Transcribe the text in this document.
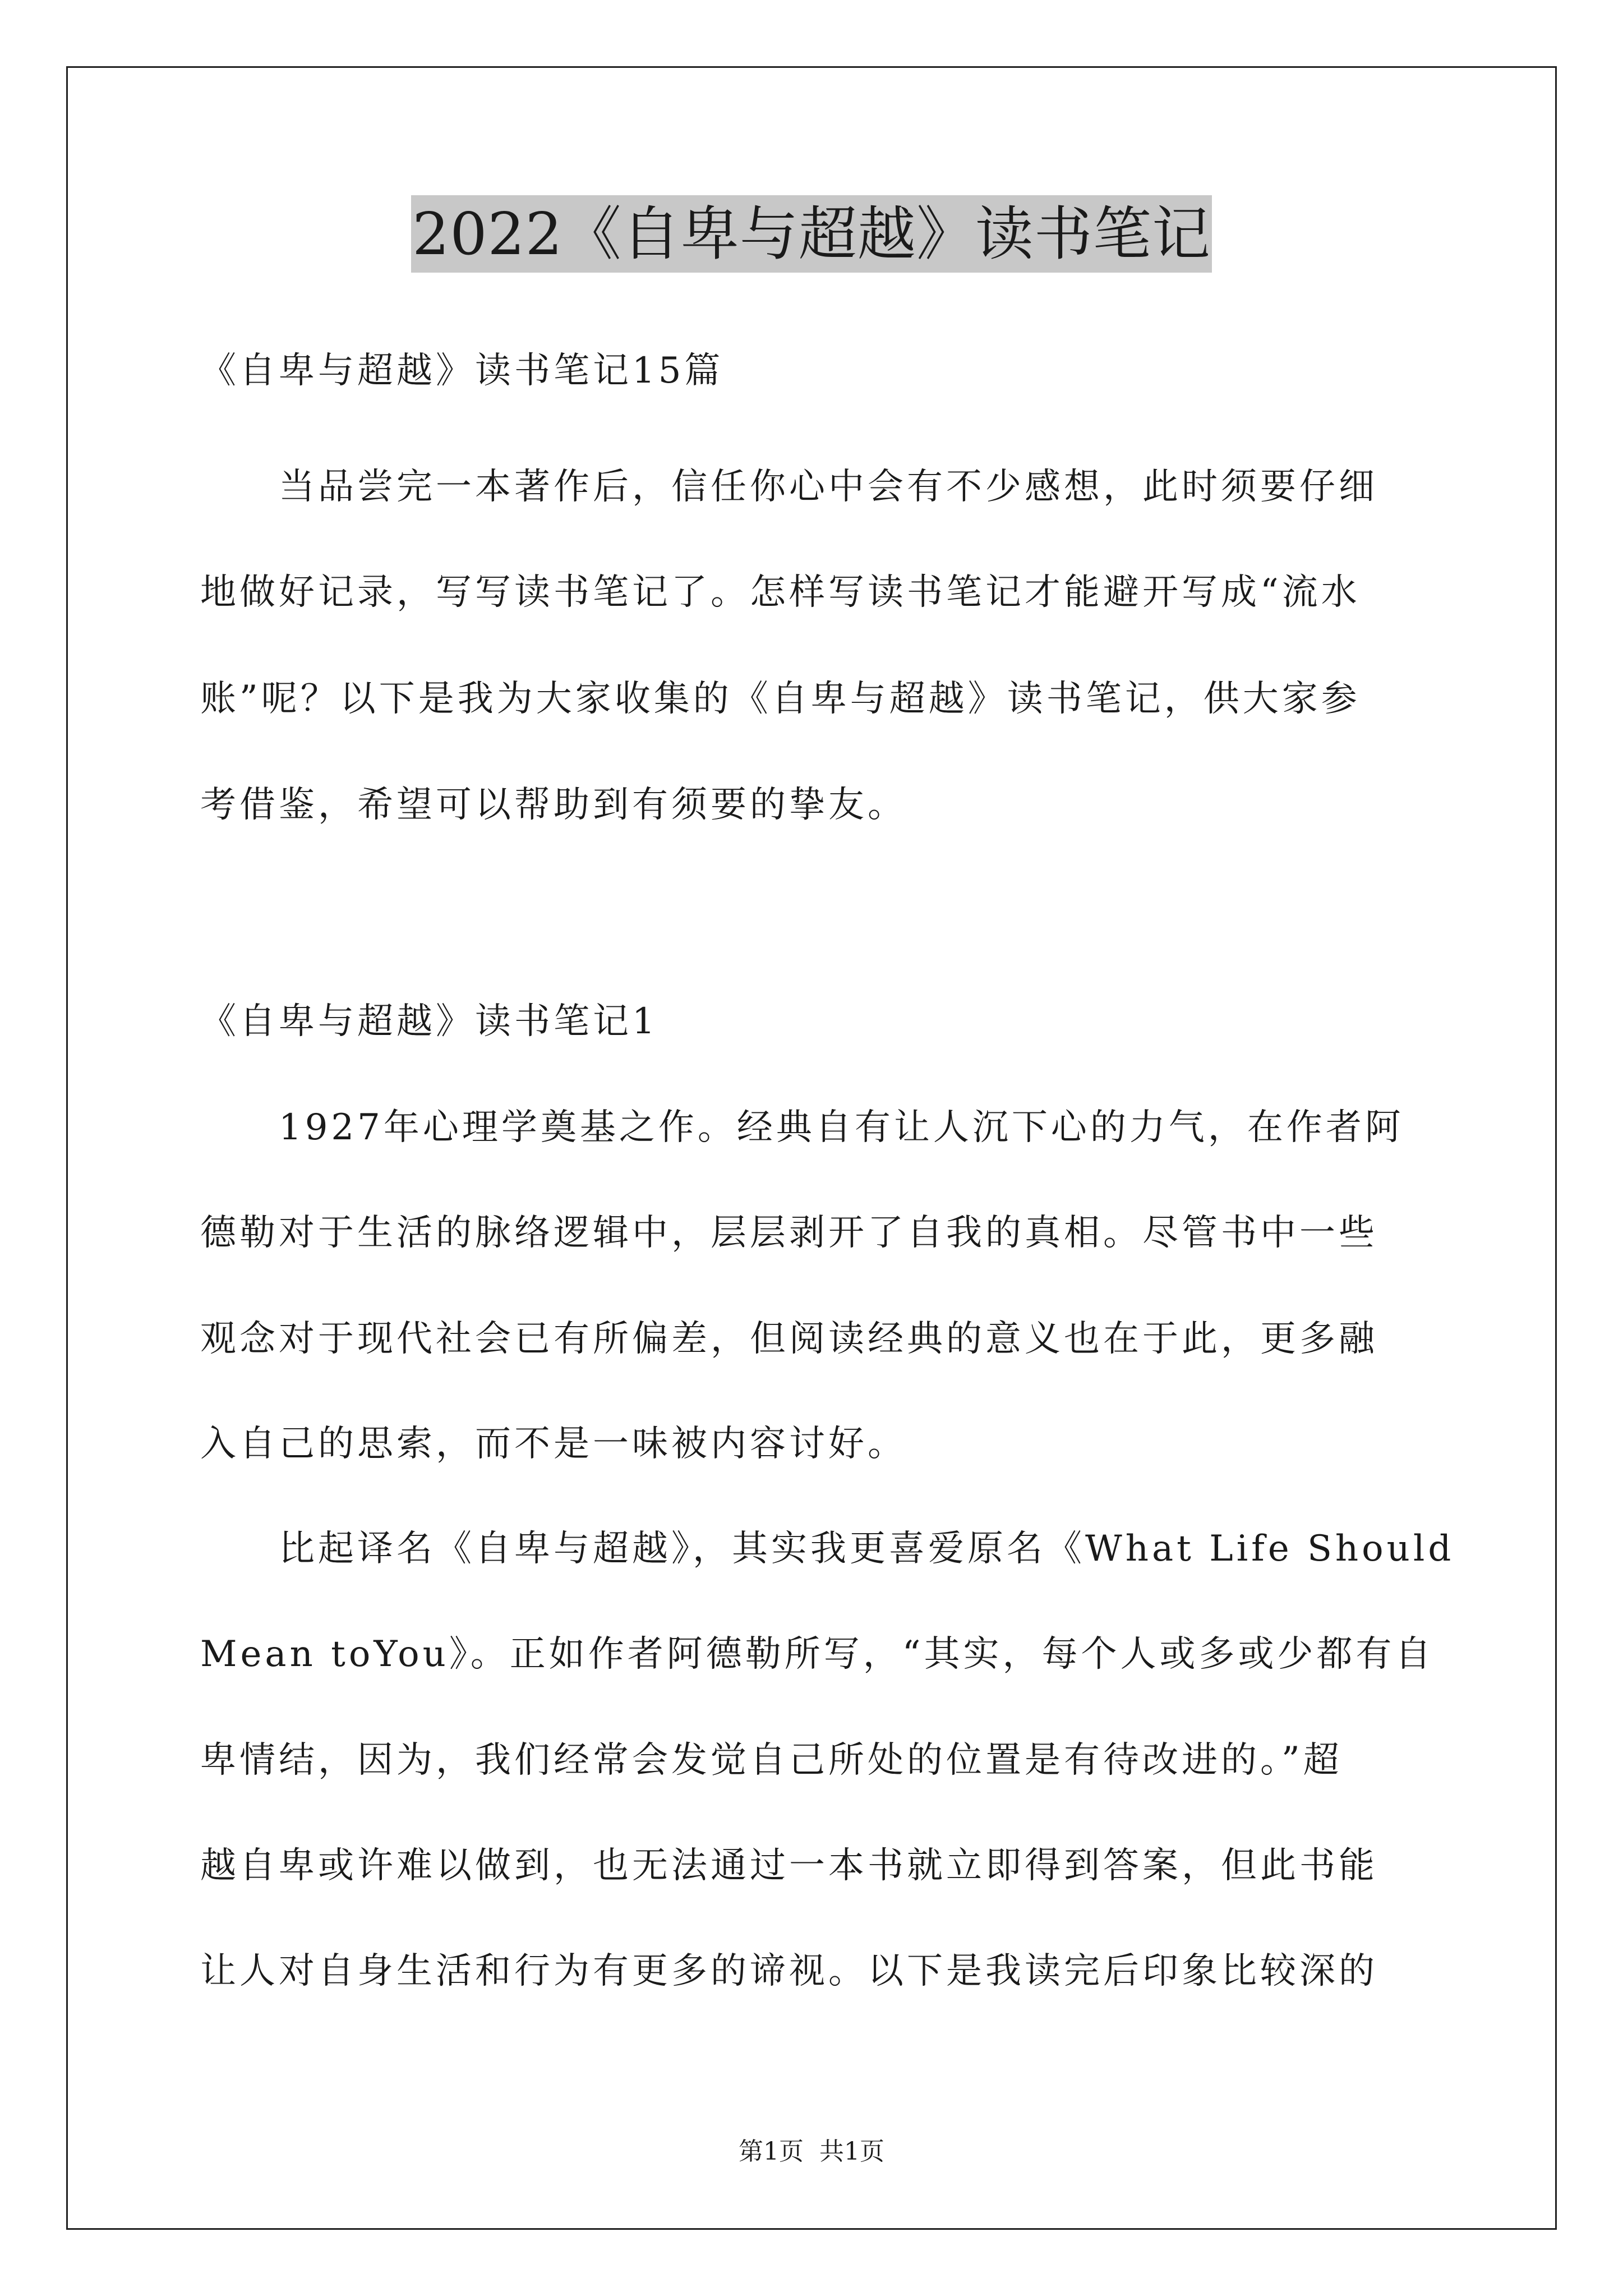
2022《自卑与超越》读书笔记
《自卑与超越》读书笔记15篇
　　当品尝完一本著作后，信任你心中会有不少感想，此时须要仔细
地做好记录，写写读书笔记了。怎样写读书笔记才能避开写成“流水
账”呢？以下是我为大家收集的《自卑与超越》读书笔记，供大家参
考借鉴，希望可以帮助到有须要的挚友。
《自卑与超越》读书笔记1
　　1927年心理学奠基之作。经典自有让人沉下心的力气，在作者阿
德勒对于生活的脉络逻辑中，层层剥开了自我的真相。尽管书中一些
观念对于现代社会已有所偏差，但阅读经典的意义也在于此，更多融
入自己的思索，而不是一味被内容讨好。
　　比起译名《自卑与超越》，其实我更喜爱原名《What Life Should
Mean toYou》。正如作者阿德勒所写，“其实，每个人或多或少都有自
卑情结，因为，我们经常会发觉自己所处的位置是有待改进的。”超
越自卑或许难以做到，也无法通过一本书就立即得到答案，但此书能
让人对自身生活和行为有更多的谛视。以下是我读完后印象比较深的
第1页 共1页
